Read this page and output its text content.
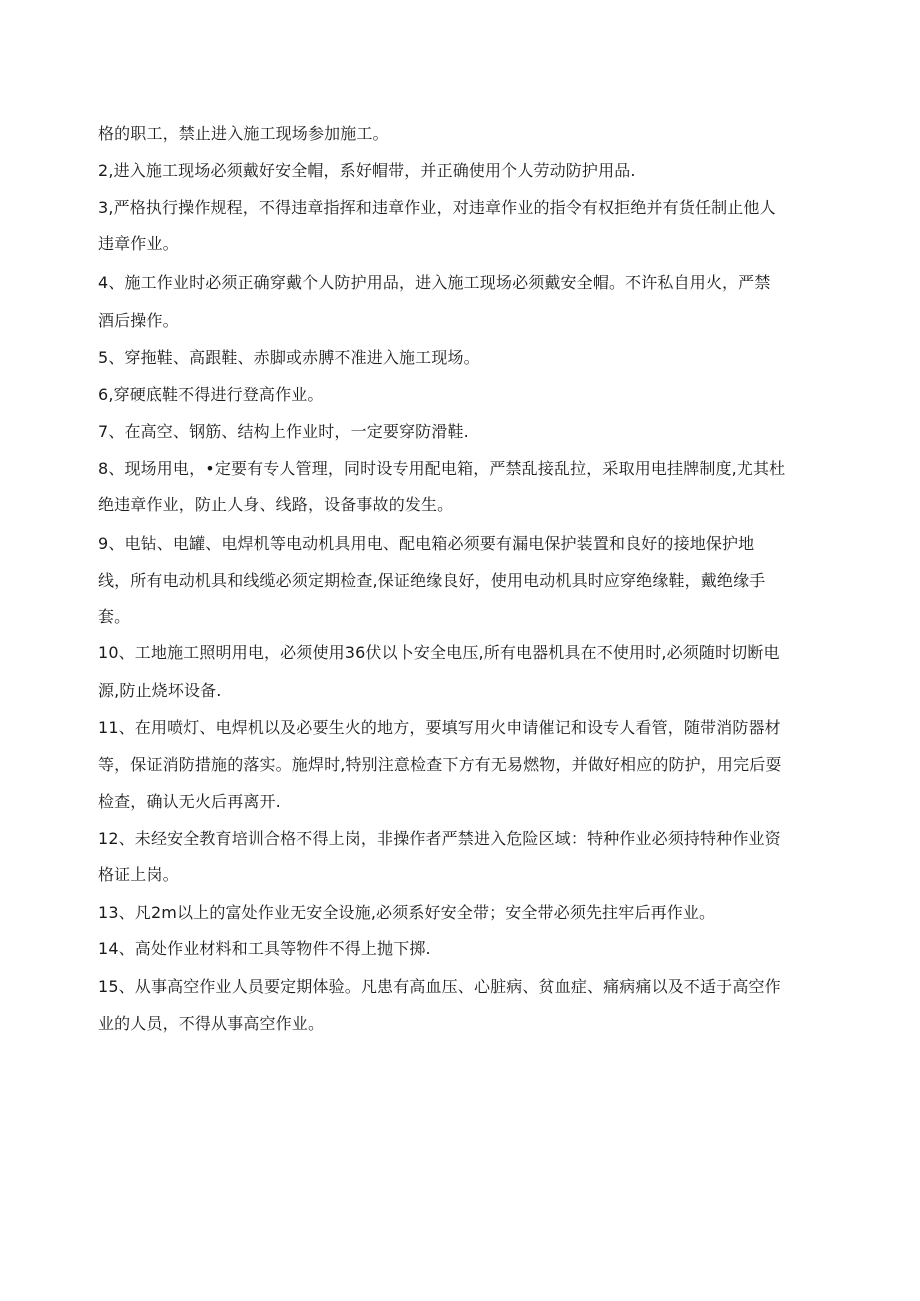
格的职工，禁止进入施工现场参加施工。
2,进入施工现场必须戴好安全帽，系好帽带，并正确使用个人劳动防护用品.
3,严格执行操作规程，不得违章指挥和违章作业，对违章作业的指令有权拒绝并有货任制止他人
违章作业。
4、施工作业时必须正确穿戴个人防护用品，进入施工现场必须戴安全帽。不许私自用火，严禁
酒后操作。
5、穿拖鞋、高跟鞋、赤脚或赤膊不准进入施工现场。
6,穿硬底鞋不得进行登高作业。
7、在高空、钢筋、结构上作业时，一定要穿防滑鞋.
8、现场用电，•定要有专人管理，同时设专用配电箱，严禁乱接乱拉，采取用电挂牌制度,尤其杜
绝违章作业，防止人身、线路，设备事故的发生。
9、电钻、电罐、电焊机等电动机具用电、配电箱必须要有漏电保护装置和良好的接地保护地
线，所有电动机具和线缆必须定期检查,保证绝缘良好，使用电动机具时应穿绝缘鞋，戴绝缘手
套。
10、工地施工照明用电，必须使用36伏以卜安全电压,所有电器机具在不使用时,必须随时切断电
源,防止烧坏设备.
11、在用喷灯、电焊机以及必要生火的地方，要填写用火申请催记和设专人看管，随带消防器材
等，保证消防措施的落实。施焊时,特别注意检查下方有无易燃物，并做好相应的防护，用完后耍
检查，确认无火后再离开.
12、未经安全教育培训合格不得上岗，非操作者严禁进入危险区域：特种作业必须持特种作业资
格证上岗。
13、凡2m以上的富处作业无安全设施,必须系好安全带；安全带必须先拄牢后再作业。
14、高处作业材料和工具等物件不得上抛下掷.
15、从事高空作业人员要定期体验。凡患有高血压、心脏病、贫血症、痛病痛以及不适于高空作
业的人员，不得从事高空作业。
